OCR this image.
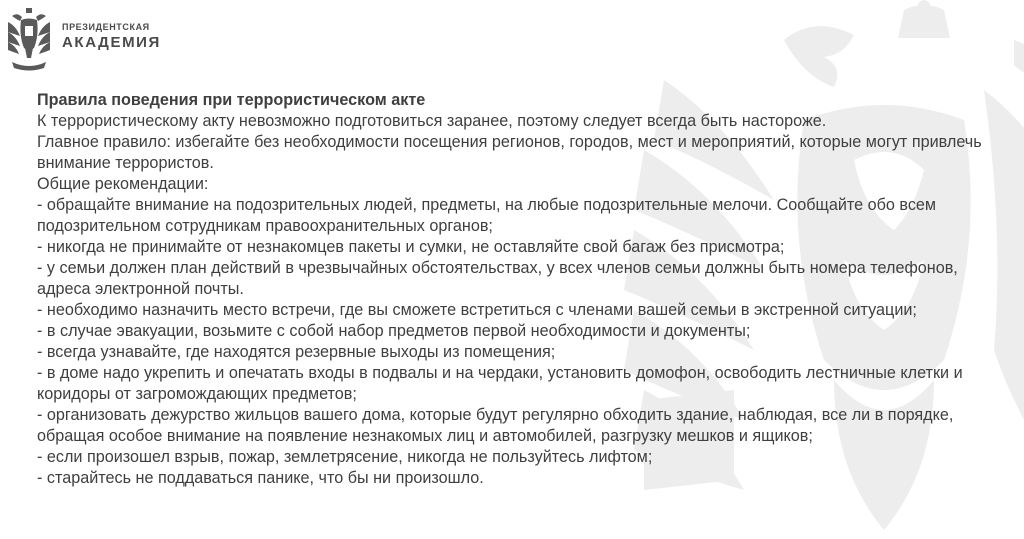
ПРЕЗИДЕНТСКАЯ
АКАДЕМИЯ

Правила поведения при террористическом акте

К террористическому акту невозможно подготовиться заранее, поэтому следует всегда быть настороже.

Главное правило: избегайте без необходимости посещения регионов, городов, мест и мероприятий, которые могут привлечь внимание террористов.

Общие рекомендации:

- обращайте внимание на подозрительных людей, предметы, на любые подозрительные мелочи. Сообщайте обо всем подозрительном сотрудникам правоохранительных органов;

- никогда не принимайте от незнакомцев пакеты и сумки, не оставляйте свой багаж без присмотра;

- у семьи должен план действий в чрезвычайных обстоятельствах, у всех членов семьи должны быть номера телефонов, адреса электронной почты.

- необходимо назначить место встречи, где вы сможете встретиться с членами вашей семьи в экстренной ситуации;

- в случае эвакуации, возьмите с собой набор предметов первой необходимости и документы;

- всегда узнавайте, где находятся резервные выходы из помещения;

- в доме надо укрепить и опечатать входы в подвалы и на чердаки, установить домофон, освободить лестничные клетки и коридоры от загромождающих предметов;

- организовать дежурство жильцов вашего дома, которые будут регулярно обходить здание, наблюдая, все ли в порядке, обращая особое внимание на появление незнакомых лиц и автомобилей, разгрузку мешков и ящиков;

- если произошел взрыв, пожар, землетрясение, никогда не пользуйтесь лифтом;

- старайтесь не поддаваться панике, что бы ни произошло.
